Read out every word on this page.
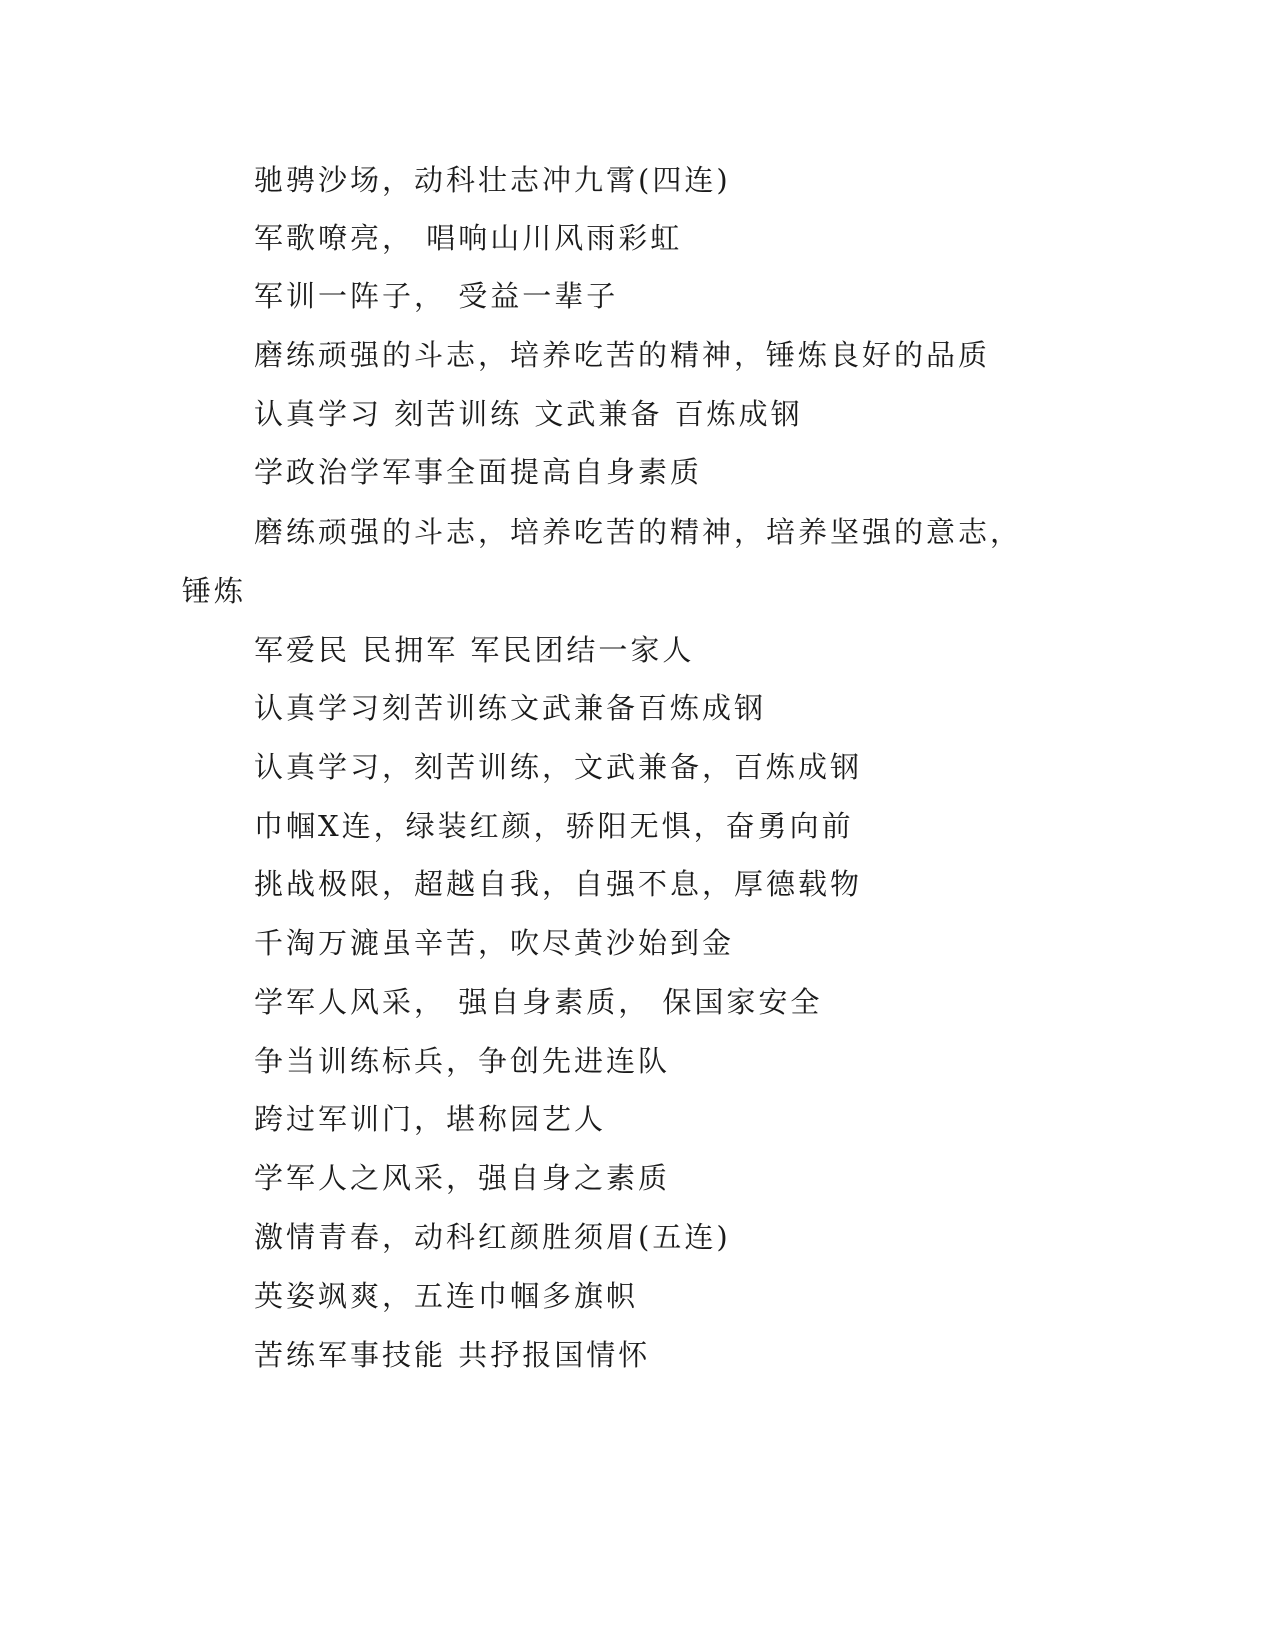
驰骋沙场，动科壮志冲九霄(四连)

军歌嘹亮， 唱响山川风雨彩虹

军训一阵子， 受益一辈子

磨练顽强的斗志，培养吃苦的精神，锤炼良好的品质

认真学习 刻苦训练 文武兼备 百炼成钢

学政治学军事全面提高自身素质

磨练顽强的斗志，培养吃苦的精神，培养坚强的意志，

锤炼

军爱民 民拥军 军民团结一家人

认真学习刻苦训练文武兼备百炼成钢

认真学习，刻苦训练，文武兼备，百炼成钢

巾帼X连，绿装红颜，骄阳无惧，奋勇向前

挑战极限，超越自我，自强不息，厚德载物

千淘万漉虽辛苦，吹尽黄沙始到金

学军人风采， 强自身素质， 保国家安全

争当训练标兵，争创先进连队

跨过军训门，堪称园艺人

学军人之风采，强自身之素质

激情青春，动科红颜胜须眉(五连)

英姿飒爽，五连巾帼多旗帜

苦练军事技能 共抒报国情怀
